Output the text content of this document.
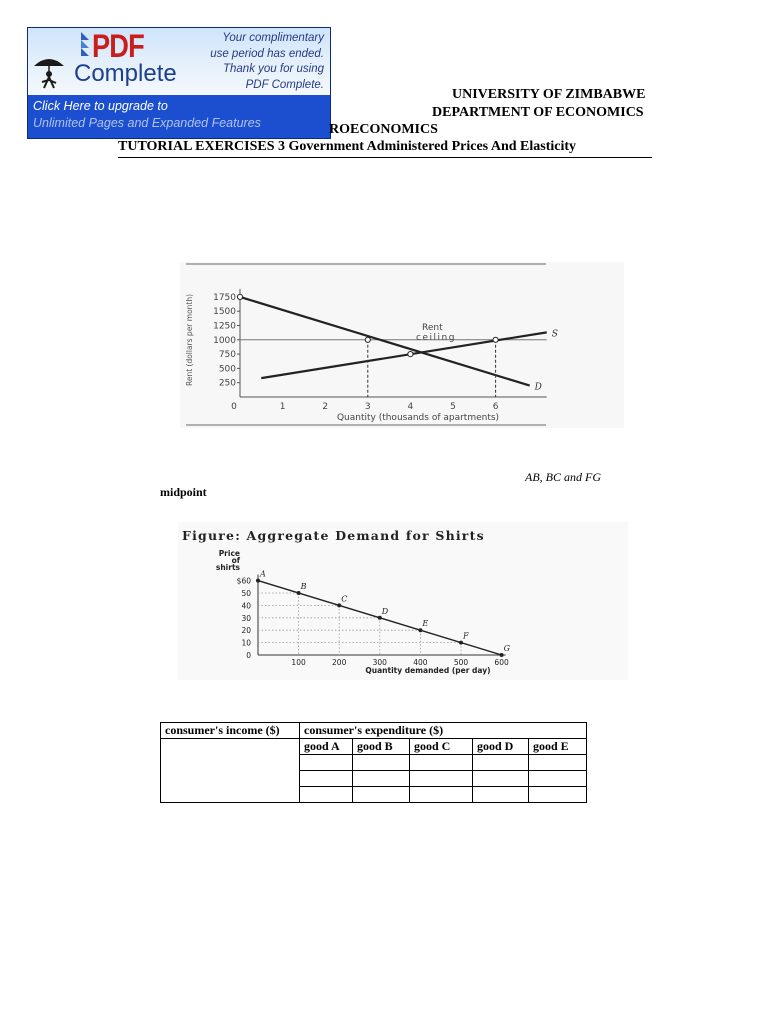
PDF
Complete
Your complimentary
use period has ended.
Thank you for using
PDF Complete.
Click Here to upgrade to
Unlimited Pages and Expanded Features
UNIVERSITY OF ZIMBABWE
DEPARTMENT OF ECONOMICS
ROECONOMICS
TUTORIAL EXERCISES 3 Government Administered Prices And Elasticity
1750
1500
1250
1000
750
500
250
0	1	2	3	4	5	6
Rent (dollars per month)
Quantity (thousands of apartments)
Rent
ceiling
D
S
AB, BC and FG
midpoint
Figure: Aggregate Demand for Shirts
Price
of
shirts
$60
50
40
30
20
10
0
100	200	300	400	500	600
Quantity demanded (per day)
A
B
C
D
E
F
G
consumer's income ($)	consumer's expenditure ($)				
	good A	good B	good C	good D	good E
